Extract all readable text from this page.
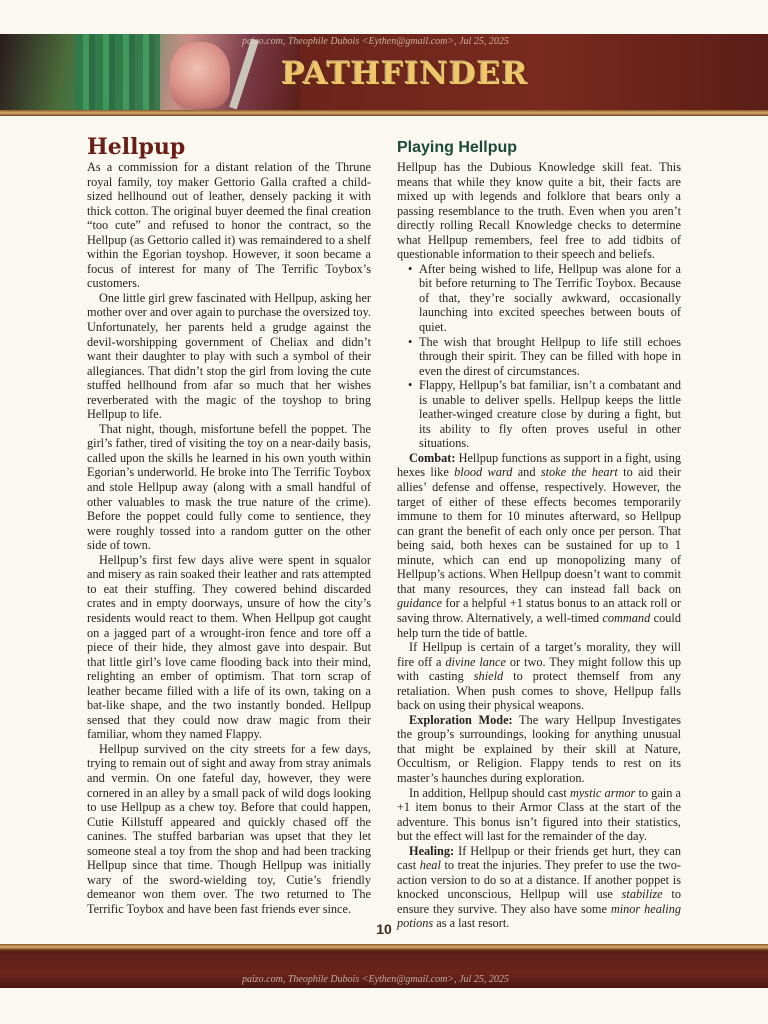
paizo.com, Theophile Dubois <Eythen@gmail.com>, Jul 25, 2025
PATHFINDER
Hellpup

As a commission for a distant relation of the Thrune royal family, toy maker Gettorio Galla crafted a child-sized hellhound out of leather, densely packing it with thick cotton. The original buyer deemed the final creation “too cute” and refused to honor the contract, so the Hellpup (as Gettorio called it) was remaindered to a shelf within the Egorian toyshop. However, it soon became a focus of interest for many of The Terrific Toybox’s customers.

One little girl grew fascinated with Hellpup, asking her mother over and over again to purchase the oversized toy. Unfortunately, her parents held a grudge against the devil-worshipping government of Cheliax and didn’t want their daughter to play with such a symbol of their allegiances. That didn’t stop the girl from loving the cute stuffed hellhound from afar so much that her wishes reverberated with the magic of the toyshop to bring Hellpup to life.

That night, though, misfortune befell the poppet. The girl’s father, tired of visiting the toy on a near-daily basis, called upon the skills he learned in his own youth within Egorian’s underworld. He broke into The Terrific Toybox and stole Hellpup away (along with a small handful of other valuables to mask the true nature of the crime). Before the poppet could fully come to sentience, they were roughly tossed into a random gutter on the other side of town.

Hellpup’s first few days alive were spent in squalor and misery as rain soaked their leather and rats attempted to eat their stuffing. They cowered behind discarded crates and in empty doorways, unsure of how the city’s residents would react to them. When Hellpup got caught on a jagged part of a wrought-iron fence and tore off a piece of their hide, they almost gave into despair. But that little girl’s love came flooding back into their mind, relighting an ember of optimism. That torn scrap of leather became filled with a life of its own, taking on a bat-like shape, and the two instantly bonded. Hellpup sensed that they could now draw magic from their familiar, whom they named Flappy.

Hellpup survived on the city streets for a few days, trying to remain out of sight and away from stray animals and vermin. On one fateful day, however, they were cornered in an alley by a small pack of wild dogs looking to use Hellpup as a chew toy. Before that could happen, Cutie Killstuff appeared and quickly chased off the canines. The stuffed barbarian was upset that they let someone steal a toy from the shop and had been tracking Hellpup since that time. Though Hellpup was initially wary of the sword-wielding toy, Cutie’s friendly demeanor won them over. The two returned to The Terrific Toybox and have been fast friends ever since.

Playing Hellpup

Hellpup has the Dubious Knowledge skill feat. This means that while they know quite a bit, their facts are mixed up with legends and folklore that bears only a passing resemblance to the truth. Even when you aren’t directly rolling Recall Knowledge checks to determine what Hellpup remembers, feel free to add tidbits of questionable information to their speech and beliefs.

• After being wished to life, Hellpup was alone for a bit before returning to The Terrific Toybox. Because of that, they’re socially awkward, occasionally launching into excited speeches between bouts of quiet.
• The wish that brought Hellpup to life still echoes through their spirit. They can be filled with hope in even the direst of circumstances.
• Flappy, Hellpup’s bat familiar, isn’t a combatant and is unable to deliver spells. Hellpup keeps the little leather-winged creature close by during a fight, but its ability to fly often proves useful in other situations.

Combat: Hellpup functions as support in a fight, using hexes like blood ward and stoke the heart to aid their allies’ defense and offense, respectively. However, the target of either of these effects becomes temporarily immune to them for 10 minutes afterward, so Hellpup can grant the benefit of each only once per person. That being said, both hexes can be sustained for up to 1 minute, which can end up monopolizing many of Hellpup’s actions. When Hellpup doesn’t want to commit that many resources, they can instead fall back on guidance for a helpful +1 status bonus to an attack roll or saving throw. Alternatively, a well-timed command could help turn the tide of battle.

If Hellpup is certain of a target’s morality, they will fire off a divine lance or two. They might follow this up with casting shield to protect themself from any retaliation. When push comes to shove, Hellpup falls back on using their physical weapons.

Exploration Mode: The wary Hellpup Investigates the group’s surroundings, looking for anything unusual that might be explained by their skill at Nature, Occultism, or Religion. Flappy tends to rest on its master’s haunches during exploration.

In addition, Hellpup should cast mystic armor to gain a +1 item bonus to their Armor Class at the start of the adventure. This bonus isn’t figured into their statistics, but the effect will last for the remainder of the day.

Healing: If Hellpup or their friends get hurt, they can cast heal to treat the injuries. They prefer to use the two-action version to do so at a distance. If another poppet is knocked unconscious, Hellpup will use stabilize to ensure they survive. They also have some minor healing potions as a last resort.

10
paizo.com, Theophile Dubois <Eythen@gmail.com>, Jul 25, 2025
